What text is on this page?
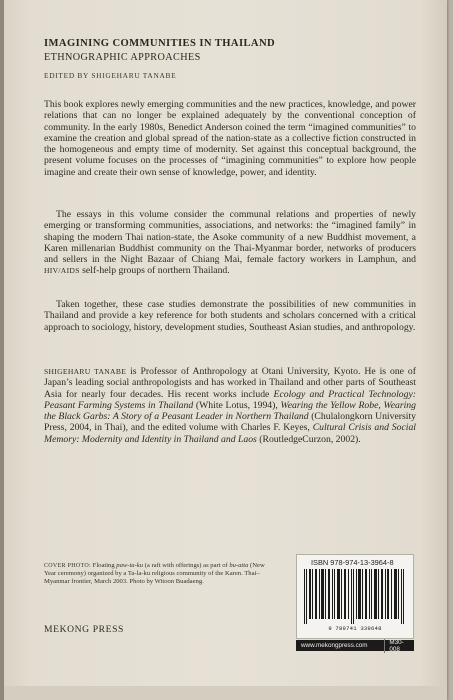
IMAGINING COMMUNITIES IN THAILAND
ETHNOGRAPHIC APPROACHES
EDITED BY SHIGEHARU TANABE
This book explores newly emerging communities and the new practices, knowledge, and power relations that can no longer be explained adequately by the conventional conception of community. In the early 1980s, Benedict Anderson coined the term “imagined communities” to examine the creation and global spread of the nation-state as a collective fiction constructed in the homogeneous and empty time of modernity. Set against this conceptual background, the present volume focuses on the processes of “imagining communities” to explore how people imagine and create their own sense of knowledge, power, and identity.
The essays in this volume consider the communal relations and properties of newly emerging or transforming communities, associations, and networks: the “imagined family” in shaping the modern Thai nation-state, the Asoke community of a new Buddhist movement, a Karen millenarian Buddhist community on the Thai-Myanmar border, networks of producers and sellers in the Night Bazaar of Chiang Mai, female factory workers in Lamphun, and HIV/AIDS self-help groups of northern Thailand.
Taken together, these case studies demonstrate the possibilities of new communities in Thailand and provide a key reference for both students and scholars concerned with a critical approach to sociology, history, development studies, Southeast Asian studies, and anthropology.
SHIGEHARU TANABE is Professor of Anthropology at Otani University, Kyoto. He is one of Japan’s leading social anthropologists and has worked in Thailand and other parts of Southeast Asia for nearly four decades. His recent works include Ecology and Practical Technology: Peasant Farming Systems in Thailand (White Lotus, 1994), Wearing the Yellow Robe, Wearing the Black Garbs: A Story of a Peasant Leader in Northern Thailand (Chulalongkorn University Press, 2004, in Thai), and the edited volume with Charles F. Keyes, Cultural Crisis and Social Memory: Modernity and Identity in Thailand and Laos (RoutledgeCurzon, 2002).
COVER PHOTO: Floating paw-ta-ku (a raft with offerings) as part of bu-atta (New Year ceremony) organized by a Ta-la-ku religious community of the Karen. Thai–Myanmar frontier, March 2003. Photo by Witoon Buadaeng.
MEKONG PRESS
ISBN 978-974-13-3964-8
9 789741 339648
www.mekongpress.com	M30-008
